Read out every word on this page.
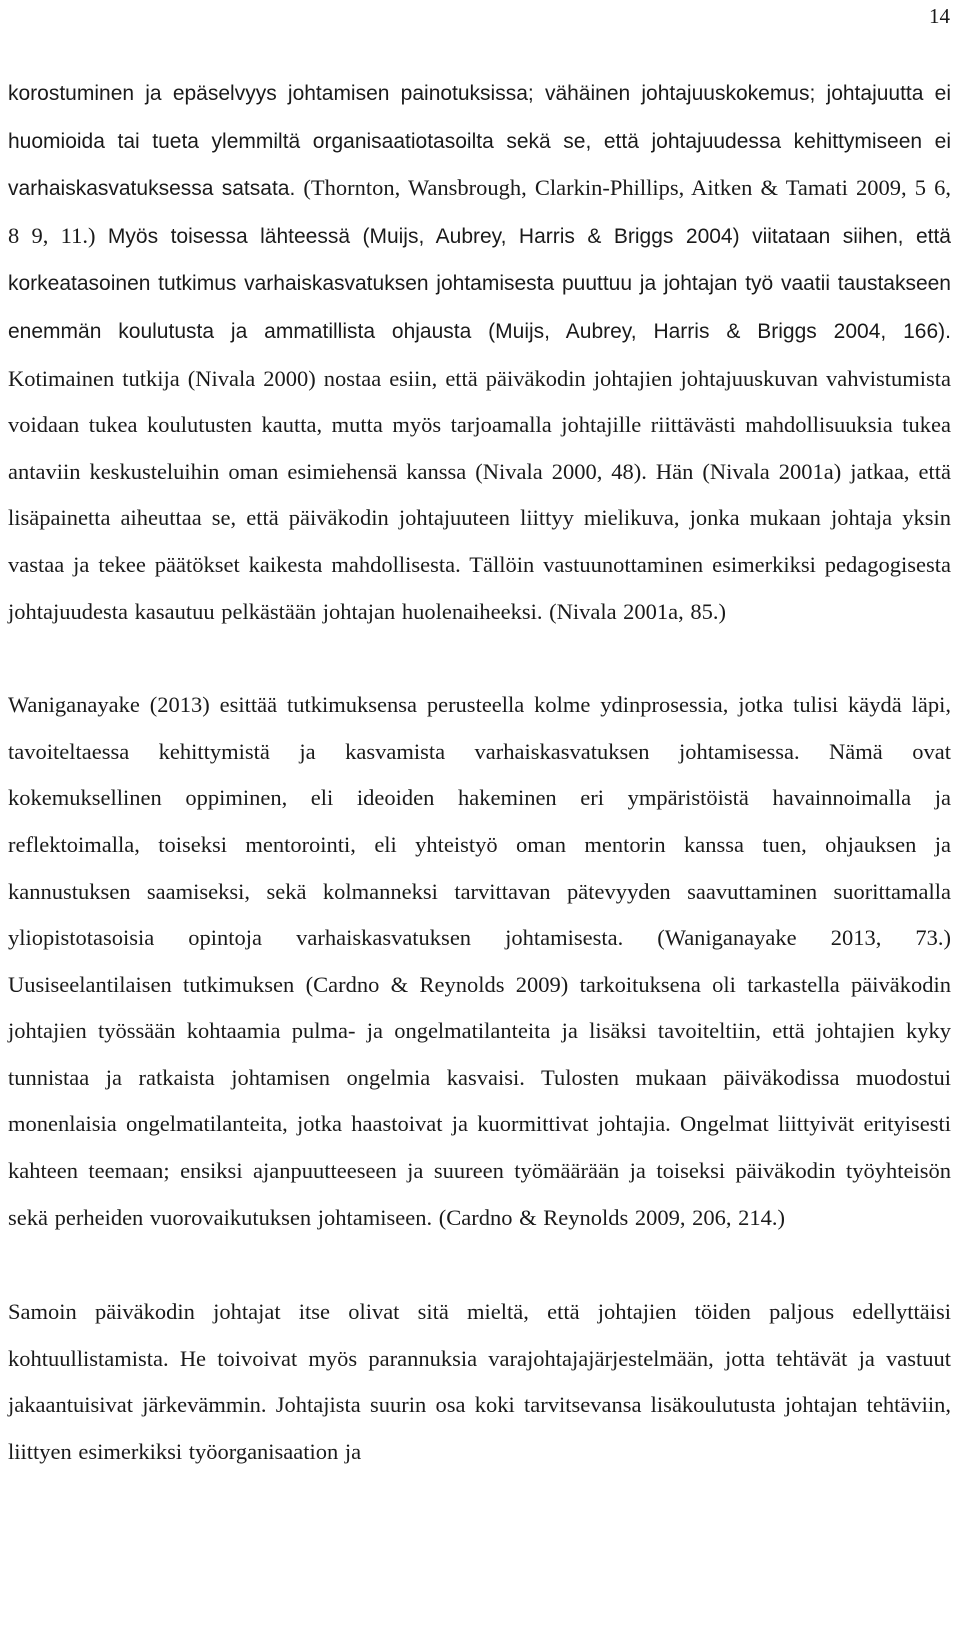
14

korostuminen ja epäselvyys johtamisen painotuksissa; vähäinen johtajuuskokemus; johtajuutta ei huomioida tai tueta ylemmiltä organisaatiotasoilta sekä se, että johtajuudessa kehittymiseen ei varhaiskasvatuksessa satsata. (Thornton, Wansbrough, Clarkin-Phillips, Aitken & Tamati 2009, 5 6, 8 9, 11.) Myös toisessa lähteessä (Muijs, Aubrey, Harris & Briggs 2004) viitataan siihen, että korkeatasoinen tutkimus varhaiskasvatuksen johtamisesta puuttuu ja johtajan työ vaatii taustakseen enemmän koulutusta ja ammatillista ohjausta (Muijs, Aubrey, Harris & Briggs 2004, 166). Kotimainen tutkija (Nivala 2000) nostaa esiin, että päiväkodin johtajien johtajuuskuvan vahvistumista voidaan tukea koulutusten kautta, mutta myös tarjoamalla johtajille riittävästi mahdollisuuksia tukea antaviin keskusteluihin oman esimiehensä kanssa (Nivala 2000, 48). Hän (Nivala 2001a) jatkaa, että lisäpainetta aiheuttaa se, että päiväkodin johtajuuteen liittyy mielikuva, jonka mukaan johtaja yksin vastaa ja tekee päätökset kaikesta mahdollisesta. Tällöin vastuunottaminen esimerkiksi pedagogisesta johtajuudesta kasautuu pelkästään johtajan huolenaiheeksi. (Nivala 2001a, 85.)

Waniganayake (2013) esittää tutkimuksensa perusteella kolme ydinprosessia, jotka tulisi käydä läpi, tavoiteltaessa kehittymistä ja kasvamista varhaiskasvatuksen johtamisessa. Nämä ovat kokemuksellinen oppiminen, eli ideoiden hakeminen eri ympäristöistä havainnoimalla ja reflektoimalla, toiseksi mentorointi, eli yhteistyö oman mentorin kanssa tuen, ohjauksen ja kannustuksen saamiseksi, sekä kolmanneksi tarvittavan pätevyyden saavuttaminen suorittamalla yliopistotasoisia opintoja varhaiskasvatuksen johtamisesta. (Waniganayake 2013, 73.) Uusiseelantilaisen tutkimuksen (Cardno & Reynolds 2009) tarkoituksena oli tarkastella päiväkodin johtajien työssään kohtaamia pulma- ja ongelmatilanteita ja lisäksi tavoiteltiin, että johtajien kyky tunnistaa ja ratkaista johtamisen ongelmia kasvaisi. Tulosten mukaan päiväkodissa muodostui monenlaisia ongelmatilanteita, jotka haastoivat ja kuormittivat johtajia. Ongelmat liittyivät erityisesti kahteen teemaan; ensiksi ajanpuutteeseen ja suureen työmäärään ja toiseksi päiväkodin työyhteisön sekä perheiden vuorovaikutuksen johtamiseen. (Cardno & Reynolds 2009, 206, 214.)

Samoin päiväkodin johtajat itse olivat sitä mieltä, että johtajien töiden paljous edellyttäisi kohtuullistamista. He toivoivat myös parannuksia varajohtajajärjestelmään, jotta tehtävät ja vastuut jakaantuisivat järkevämmin. Johtajista suurin osa koki tarvitsevansa lisäkoulutusta johtajan tehtäviin, liittyen esimerkiksi työorganisaation ja
